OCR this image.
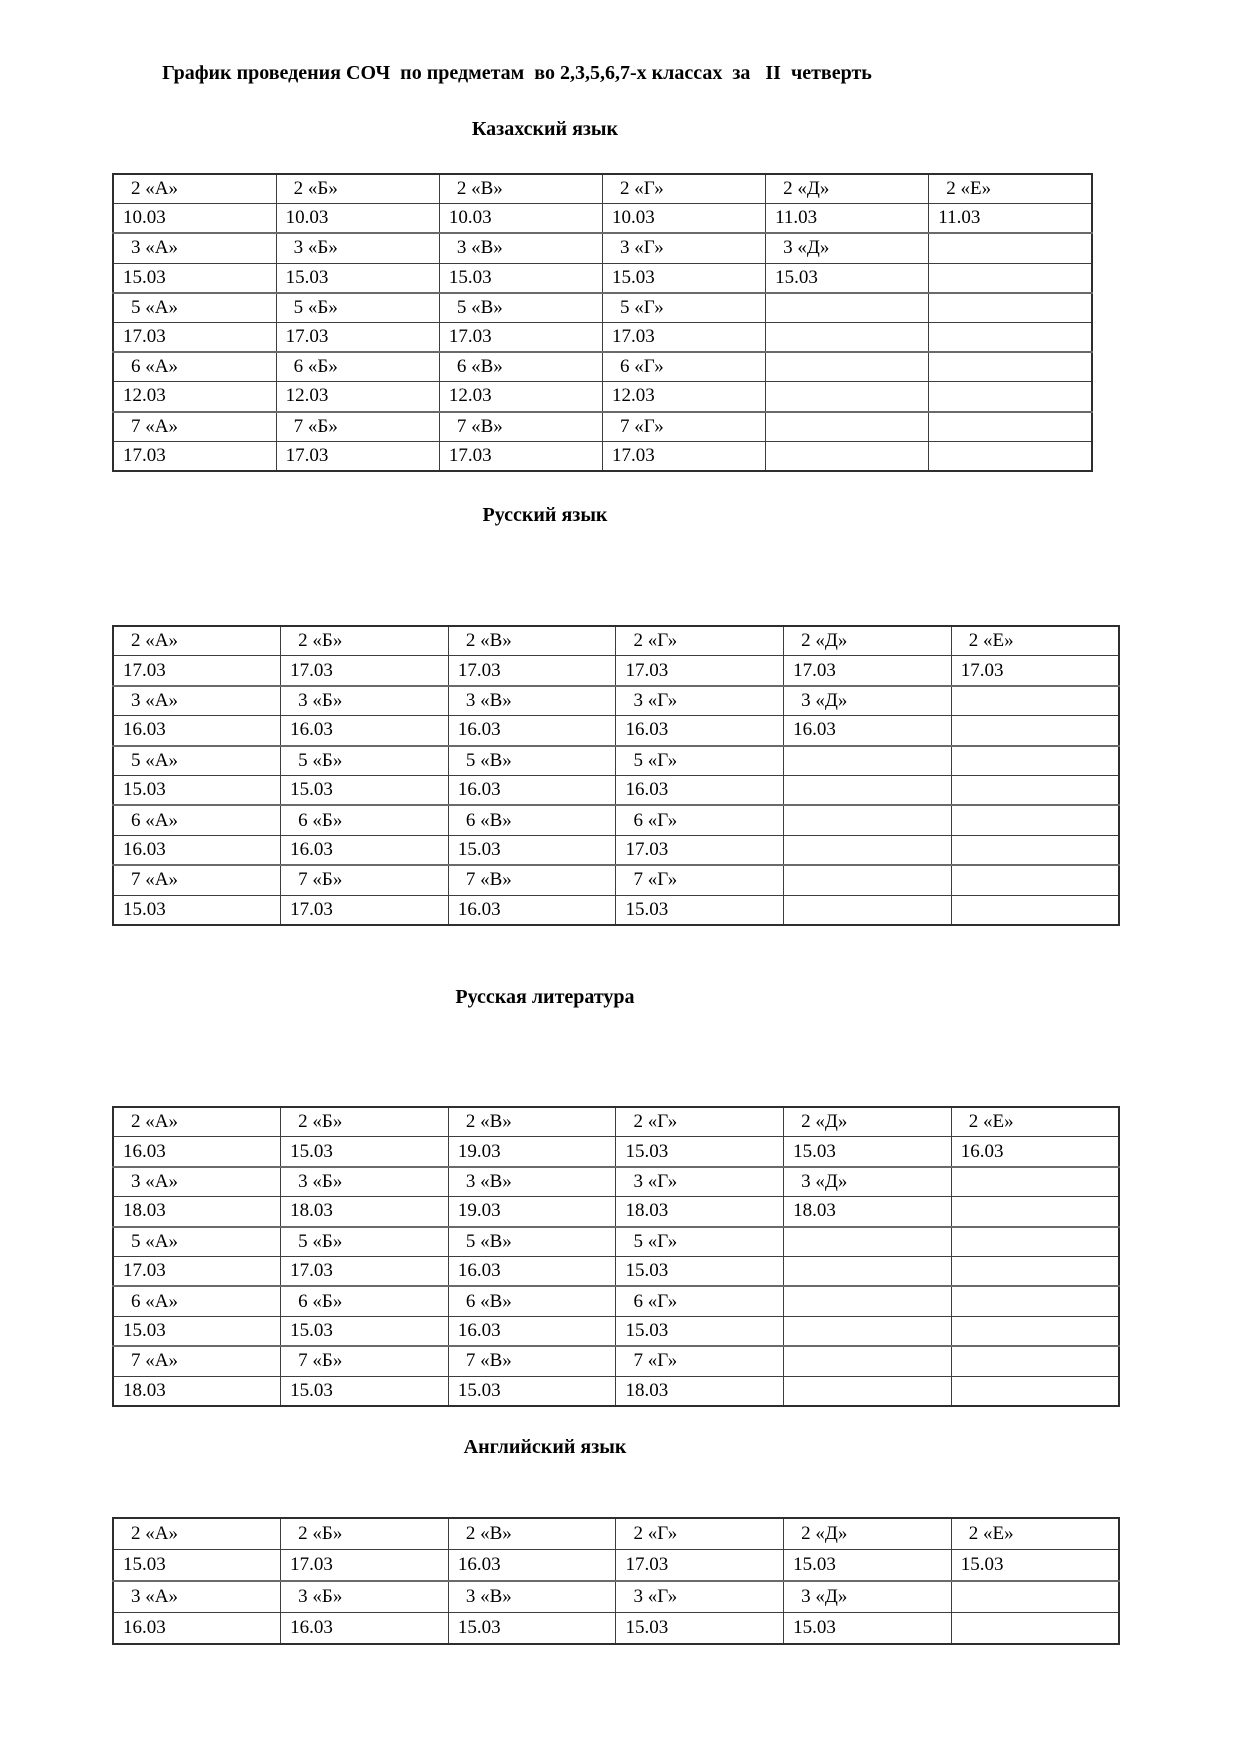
График проведения СОЧ  по предметам  во 2,3,5,6,7-х классах  за   II  четверть
Казахский язык
2 «А»	2 «Б»	2 «В»	2 «Г»	2 «Д»	2 «Е»
10.03	10.03	10.03	10.03	11.03	11.03
3 «А»	3 «Б»	3 «В»	3 «Г»	3 «Д»	
15.03	15.03	15.03	15.03	15.03	
5 «А»	5 «Б»	5 «В»	5 «Г»		
17.03	17.03	17.03	17.03		
6 «А»	6 «Б»	6 «В»	6 «Г»		
12.03	12.03	12.03	12.03		
7 «А»	7 «Б»	7 «В»	7 «Г»		
17.03	17.03	17.03	17.03		
Русский язык
2 «А»	2 «Б»	2 «В»	2 «Г»	2 «Д»	2 «Е»
17.03	17.03	17.03	17.03	17.03	17.03
3 «А»	3 «Б»	3 «В»	3 «Г»	3 «Д»	
16.03	16.03	16.03	16.03	16.03	
5 «А»	5 «Б»	5 «В»	5 «Г»		
15.03	15.03	16.03	16.03		
6 «А»	6 «Б»	6 «В»	6 «Г»		
16.03	16.03	15.03	17.03		
7 «А»	7 «Б»	7 «В»	7 «Г»		
15.03	17.03	16.03	15.03		
Русская литература
2 «А»	2 «Б»	2 «В»	2 «Г»	2 «Д»	2 «Е»
16.03	15.03	19.03	15.03	15.03	16.03
3 «А»	3 «Б»	3 «В»	3 «Г»	3 «Д»	
18.03	18.03	19.03	18.03	18.03	
5 «А»	5 «Б»	5 «В»	5 «Г»		
17.03	17.03	16.03	15.03		
6 «А»	6 «Б»	6 «В»	6 «Г»		
15.03	15.03	16.03	15.03		
7 «А»	7 «Б»	7 «В»	7 «Г»		
18.03	15.03	15.03	18.03		
Английский язык
2 «А»	2 «Б»	2 «В»	2 «Г»	2 «Д»	2 «Е»
15.03	17.03	16.03	17.03	15.03	15.03
3 «А»	3 «Б»	3 «В»	3 «Г»	3 «Д»	
16.03	16.03	15.03	15.03	15.03	
